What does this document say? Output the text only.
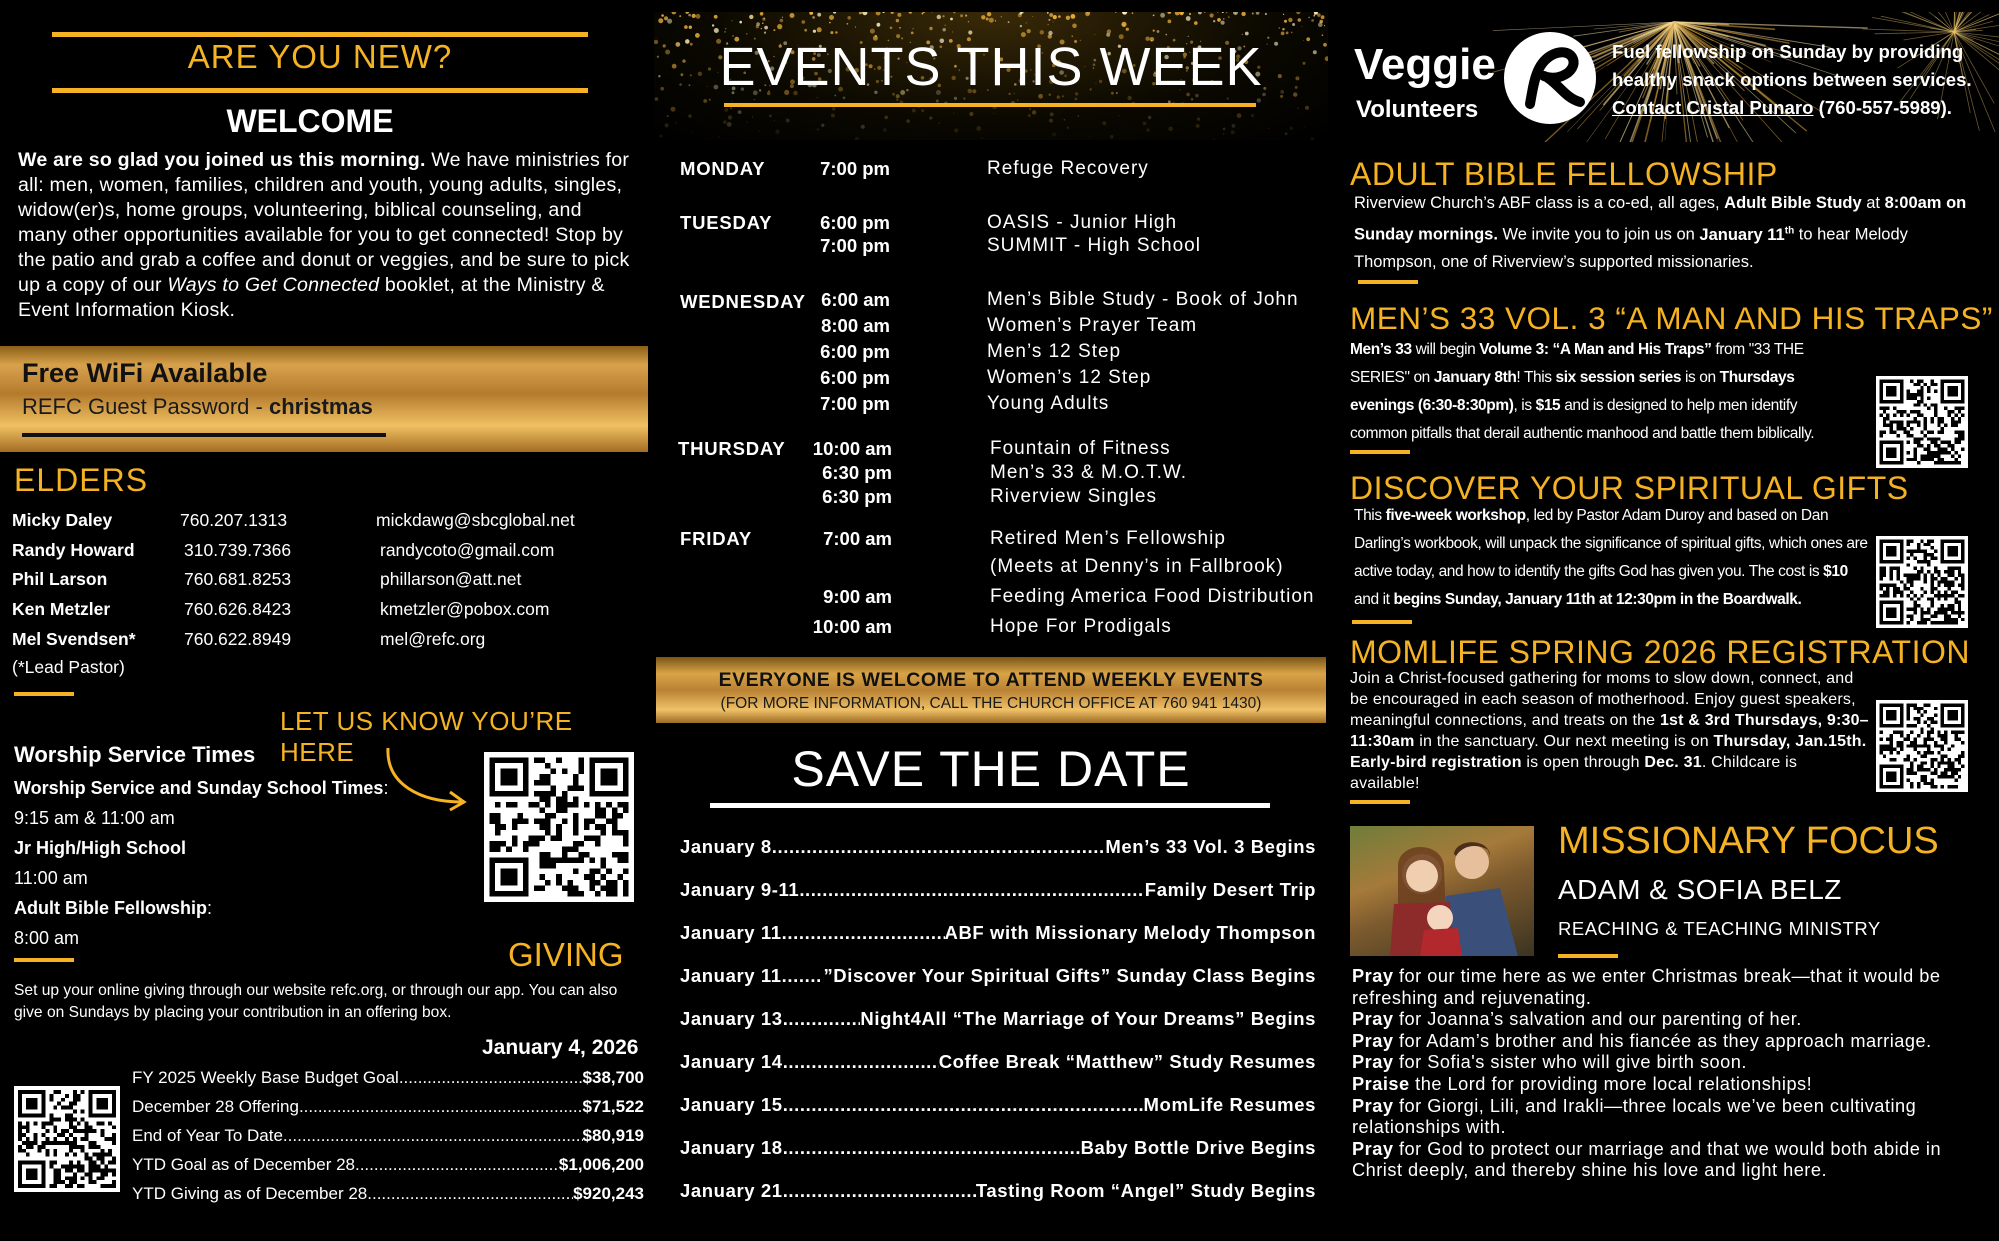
ARE YOU NEW?
WELCOME
We are so glad you joined us this morning. We have ministries for all: men, women, families, children and youth, young adults, singles, widow(er)s, home groups, volunteering, biblical counseling, and many other opportunities available for you to get connected! Stop by the patio and grab a coffee and donut or veggies, and be sure to pick up a copy of our Ways to Get Connected booklet, at the Ministry & Event Information Kiosk.
Free WiFi Available
REFC Guest Password - christmas
ELDERS
Micky Daley	760.207.1313	mickdawg@sbcglobal.net
Randy Howard	310.739.7366	randycoto@gmail.com
Phil Larson	760.681.8253	phillarson@att.net
Ken Metzler	760.626.8423	kmetzler@pobox.com
Mel Svendsen*	760.622.8949	mel@refc.org
(*Lead Pastor)
LET US KNOW YOU’RE HERE
Worship Service Times
Worship Service and Sunday School Times:
9:15 am & 11:00 am
Jr High/High School
11:00 am
Adult Bible Fellowship:
8:00 am	GIVING
Set up your online giving through our website refc.org, or through our app. You can also give on Sundays by placing your contribution in an offering box.
January 4, 2026
FY 2025 Weekly Base Budget Goal .....	$38,700
December 28 Offering .....	$71,522
End of Year To Date .....	$80,919
YTD Goal as of December 28 .....	$1,006,200
YTD Giving as of December 28 .....	$920,243
EVENTS THIS WEEK
MONDAY	7:00 pm	Refuge Recovery
TUESDAY	6:00 pm	OASIS - Junior High
7:00 pm	SUMMIT - High School
WEDNESDAY 6:00 am	Men’s Bible Study - Book of John
8:00 am	Women’s Prayer Team
6:00 pm	Men’s 12 Step
6:00 pm	Women’s 12 Step
7:00 pm	Young Adults
THURSDAY	10:00 am	Fountain of Fitness
6:30 pm	Men’s 33 & M.O.T.W.
6:30 pm	Riverview Singles
FRIDAY	7:00 am	Retired Men’s Fellowship
(Meets at Denny’s in Fallbrook)
9:00 am	Feeding America Food Distribution
10:00 am	Hope For Prodigals
EVERYONE IS WELCOME TO ATTEND WEEKLY EVENTS
(FOR MORE INFORMATION, CALL THE CHURCH OFFICE AT 760 941 1430)
SAVE THE DATE
January 8 .....	Men’s 33 Vol. 3 Begins
January 9-11 .....	Family Desert Trip
January 11 .....	ABF with Missionary Melody Thompson
January 11 ..... ”Discover Your Spiritual Gifts” Sunday Class Begins
January 13 .....	Night4All “The Marriage of Your Dreams” Begins
January 14 .....	Coffee Break “Matthew” Study Resumes
January 15 .....	MomLife Resumes
January 18 .....	Baby Bottle Drive Begins
January 21 .....	Tasting Room “Angel” Study Begins
Veggie
Volunteers
Fuel fellowship on Sunday by providing healthy snack options between services. Contact Cristal Punaro (760-557-5989).
ADULT BIBLE FELLOWSHIP
Riverview Church’s ABF class is a co-ed, all ages, Adult Bible Study at 8:00am on Sunday mornings. We invite you to join us on January 11th to hear Melody Thompson, one of Riverview’s supported missionaries.
MEN’S 33 VOL. 3 “A MAN AND HIS TRAPS”
Men’s 33 will begin Volume 3: “A Man and His Traps” from "33 THE SERIES" on January 8th! This six session series is on Thursdays evenings (6:30-8:30pm), is $15 and is designed to help men identify common pitfalls that derail authentic manhood and battle them biblically.
DISCOVER YOUR SPIRITUAL GIFTS
This five-week workshop, led by Pastor Adam Duroy and based on Dan Darling’s workbook, will unpack the significance of spiritual gifts, which ones are active today, and how to identify the gifts God has given you. The cost is $10 and it begins Sunday, January 11th at 12:30pm in the Boardwalk.
MOMLIFE SPRING 2026 REGISTRATION
Join a Christ-focused gathering for moms to slow down, connect, and be encouraged in each season of motherhood. Enjoy guest speakers, meaningful connections, and treats on the 1st & 3rd Thursdays, 9:30–11:30am in the sanctuary. Our next meeting is on Thursday, Jan.15th. Early-bird registration is open through Dec. 31. Childcare is available!
MISSIONARY FOCUS
ADAM & SOFIA BELZ
REACHING & TEACHING MINISTRY
Pray for our time here as we enter Christmas break—that it would be refreshing and rejuvenating.
Pray for Joanna’s salvation and our parenting of her.
Pray for Adam’s brother and his fiancée as they approach marriage.
Pray for Sofia's sister who will give birth soon.
Praise the Lord for providing more local relationships!
Pray for Giorgi, Lili, and Irakli—three locals we’ve been cultivating relationships with.
Pray for God to protect our marriage and that we would both abide in Christ deeply, and thereby shine his love and light here.
